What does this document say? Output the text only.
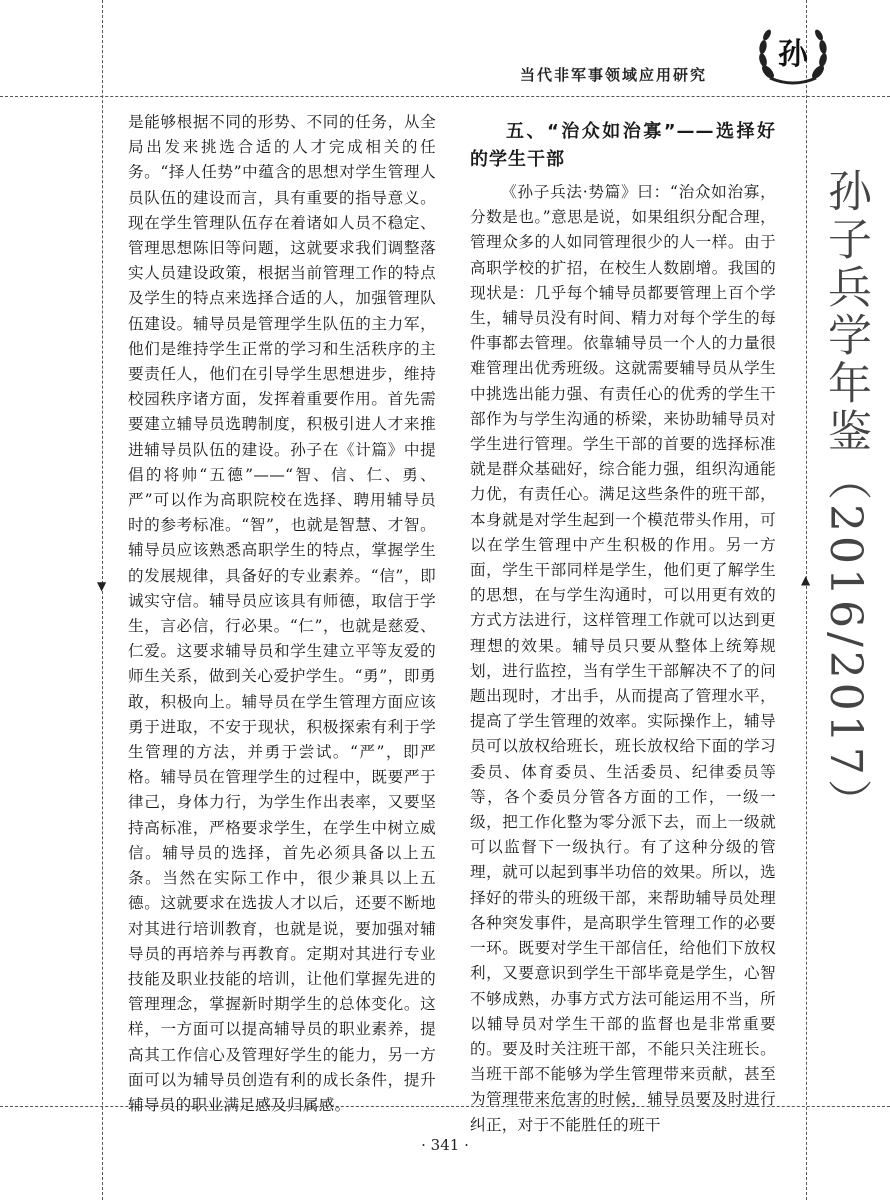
▼	▲
当代非军事领域应用研究
孙

是能够根据不同的形势、不同的任务，从全局出发来挑选合适的人才完成相关的任务。“择人任势”中蕴含的思想对学生管理人员队伍的建设而言，具有重要的指导意义。现在学生管理队伍存在着诸如人员不稳定、管理思想陈旧等问题，这就要求我们调整落实人员建设政策，根据当前管理工作的特点及学生的特点来选择合适的人，加强管理队伍建设。辅导员是管理学生队伍的主力军，他们是维持学生正常的学习和生活秩序的主要责任人，他们在引导学生思想进步，维持校园秩序诸方面，发挥着重要作用。首先需要建立辅导员选聘制度，积极引进人才来推进辅导员队伍的建设。孙子在《计篇》中提倡的将帅“五德”——“智、信、仁、勇、严”可以作为高职院校在选择、聘用辅导员时的参考标准。“智”，也就是智慧、才智。辅导员应该熟悉高职学生的特点，掌握学生的发展规律，具备好的专业素养。“信”，即诚实守信。辅导员应该具有师德，取信于学生，言必信，行必果。“仁”，也就是慈爱、仁爱。这要求辅导员和学生建立平等友爱的师生关系，做到关心爱护学生。“勇”，即勇敢，积极向上。辅导员在学生管理方面应该勇于进取，不安于现状，积极探索有利于学生管理的方法，并勇于尝试。“严”，即严格。辅导员在管理学生的过程中，既要严于律己，身体力行，为学生作出表率，又要坚持高标准，严格要求学生，在学生中树立威信。辅导员的选择，首先必须具备以上五条。当然在实际工作中，很少兼具以上五德。这就要求在选拔人才以后，还要不断地对其进行培训教育，也就是说，要加强对辅导员的再培养与再教育。定期对其进行专业技能及职业技能的培训，让他们掌握先进的管理理念，掌握新时期学生的总体变化。这样，一方面可以提高辅导员的职业素养，提高其工作信心及管理好学生的能力，另一方面可以为辅导员创造有利的成长条件，提升辅导员的职业满足感及归属感。

五、“治众如治寡”——选择好的学生干部

《孙子兵法·势篇》曰：“治众如治寡，分数是也。”意思是说，如果组织分配合理，管理众多的人如同管理很少的人一样。由于高职学校的扩招，在校生人数剧增。我国的现状是：几乎每个辅导员都要管理上百个学生，辅导员没有时间、精力对每个学生的每件事都去管理。依靠辅导员一个人的力量很难管理出优秀班级。这就需要辅导员从学生中挑选出能力强、有责任心的优秀的学生干部作为与学生沟通的桥梁，来协助辅导员对学生进行管理。学生干部的首要的选择标准就是群众基础好，综合能力强，组织沟通能力优，有责任心。满足这些条件的班干部，本身就是对学生起到一个模范带头作用，可以在学生管理中产生积极的作用。另一方面，学生干部同样是学生，他们更了解学生的思想，在与学生沟通时，可以用更有效的方式方法进行，这样管理工作就可以达到更理想的效果。辅导员只要从整体上统筹规划，进行监控，当有学生干部解决不了的问题出现时，才出手，从而提高了管理水平，提高了学生管理的效率。实际操作上，辅导员可以放权给班长，班长放权给下面的学习委员、体育委员、生活委员、纪律委员等等，各个委员分管各方面的工作，一级一级，把工作化整为零分派下去，而上一级就可以监督下一级执行。有了这种分级的管理，就可以起到事半功倍的效果。所以，选择好的带头的班级干部，来帮助辅导员处理各种突发事件，是高职学生管理工作的必要一环。既要对学生干部信任，给他们下放权利，又要意识到学生干部毕竟是学生，心智不够成熟，办事方式方法可能运用不当，所以辅导员对学生干部的监督也是非常重要的。要及时关注班干部，不能只关注班长。当班干部不能够为学生管理带来贡献，甚至为管理带来危害的时候，辅导员要及时进行纠正，对于不能胜任的班干

孙子兵学年鉴（2016/2017）
· 341 ·
